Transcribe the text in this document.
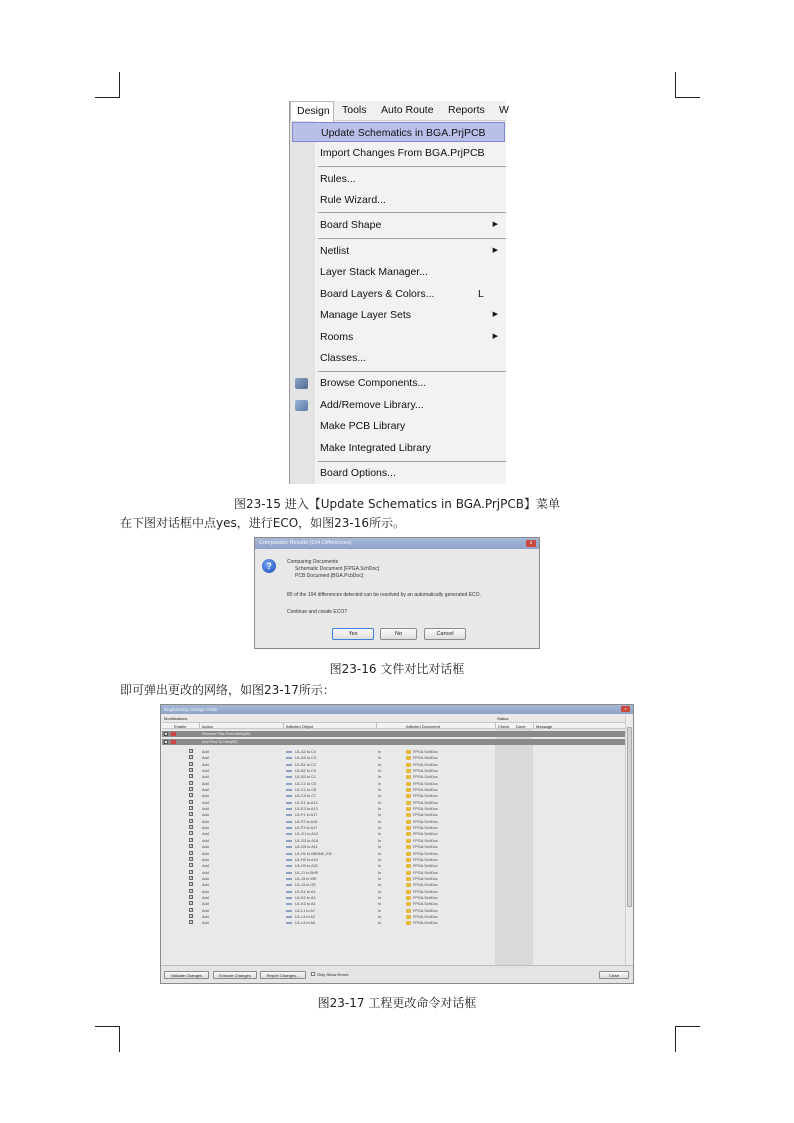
Design	Tools Auto Route Reports W
Update Schematics in BGA.PrjPCB
Import Changes From BGA.PrjPCB
Rules...
Rule Wizard...
Board Shape	▶
Netlist	▶
Layer Stack Manager...
Board Layers & Colors...	L
Manage Layer Sets	▶
Rooms	▶
Classes...
Browse Components...
Add/Remove Library...
Make PCB Library
Make Integrated Library
Board Options...
图23-15 进入【Update Schematics in BGA.PrjPCB】菜单
在下图对话框中点yes，进行ECO，如图23-16所示。
Comparator Results (104 Differences)	x
?	Comparing Documents
Schematic Document [FPGA.SchDoc]
PCB Document [BGA.PcbDoc]
80 of the 104 differences detected can be resolved by an automatically generated ECO.
Continue and create ECO?
Yes	No	Cancel
图23-16 文件对比对话框
即可弹出更改的网络，如图23-17所示：
Engineering Change Order	x
Modifications	Status
Enable	Action	Affected Object	Affected Document	Check Done	Message
+	Remove Pins From Nets(80)
−	Add Pins To Nets(80)
✓ Add	U1-A2 to C4	In	FPGA.SchDoc
✓ Add	U1-A3 to C3	In	FPGA.SchDoc
✓ Add	U1-B1 to C2	In	FPGA.SchDoc
✓ Add	U1-B2 to C5	In	FPGA.SchDoc
✓ Add	U1-B3 to C1	In	FPGA.SchDoc
✓ Add	U1-C1 to C6	In	FPGA.SchDoc
✓ Add	U1-C2 to C8	In	FPGA.SchDoc
✓ Add	U1-C3 to C7	In	FPGA.SchDoc
✓ Add	U1-E1 to A14	In	FPGA.SchDoc
✓ Add	U1-E3 to A13	In	FPGA.SchDoc
✓ Add	U1-F1 to A17	In	FPGA.SchDoc
✓ Add	U1-F2 to A16	In	FPGA.SchDoc
✓ Add	U1-F3 to A17	In	FPGA.SchDoc
✓ Add	U1-G1 to A10	In	FPGA.SchDoc
✓ Add	U1-G3 to A18	In	FPGA.SchDoc
✓ Add	U1-G5 to A11	In	FPGA.SchDoc
✓ Add	U1-H1 to BBANK_EN	In	FPGA.SchDoc
✓ Add	U1-H2 to A19	In	FPGA.SchDoc
✓ Add	U1-H3 to A20	In	FPGA.SchDoc
✓ Add	U1-J1 to BHE	In	FPGA.SchDoc
✓ Add	U1-J3 to WE	In	FPGA.SchDoc
✓ Add	U1-J4 to OE	In	FPGA.SchDoc
✓ Add	U1-K1 to A1	In	FPGA.SchDoc
✓ Add	U1-K2 to A3	In	FPGA.SchDoc
✓ Add	U1-K3 to A4	In	FPGA.SchDoc
✓ Add	U1-L1 to A7	In	FPGA.SchDoc
✓ Add	U1-L3 to A2	In	FPGA.SchDoc
✓ Add	U1-L4 to A6	In	FPGA.SchDoc
Validate Changes	Execute Changes	Report Changes...	Only Show Errors	Close
图23-17 工程更改命令对话框
